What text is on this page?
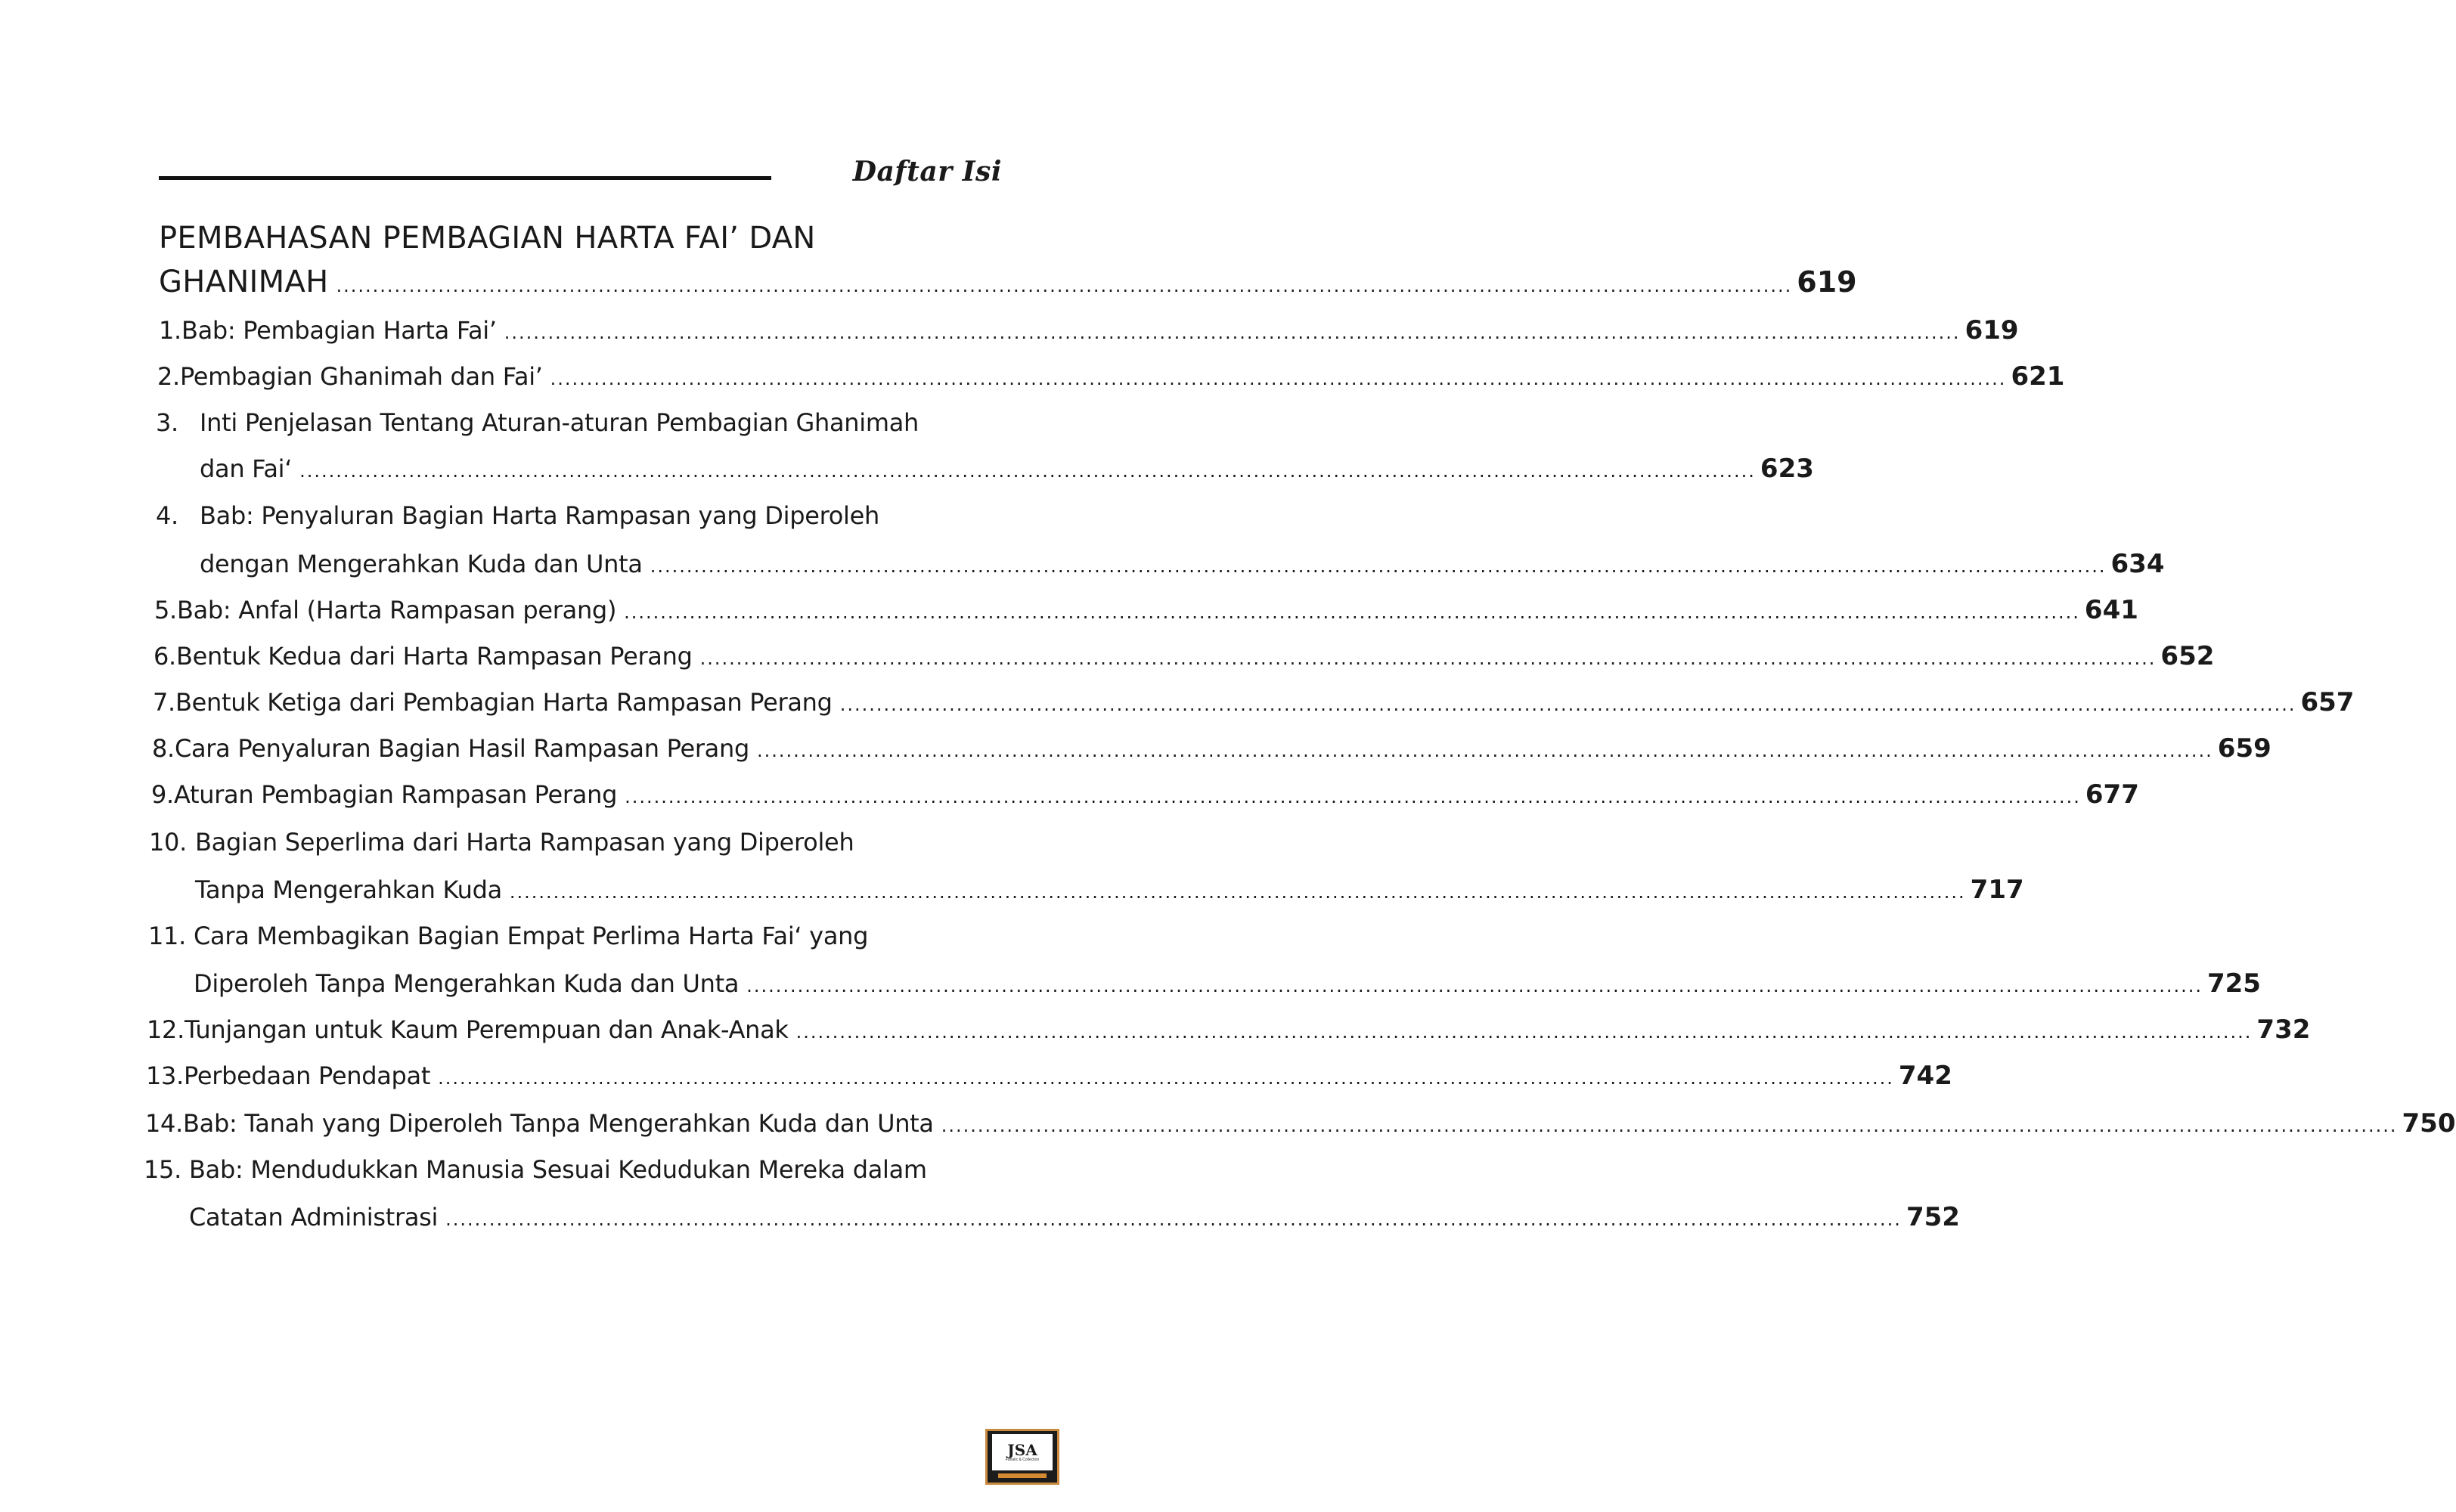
Daftar Isi
PEMBAHASAN PEMBAGIAN HARTA FAI’ DAN
GHANIMAH ........................................................................................................................................................................................................ 619
1. Bab: Pembagian Harta Fai’ ........................................................................................................................................................................................................ 619
2. Pembagian Ghanimah dan Fai’ ........................................................................................................................................................................................................ 621
3. Inti Penjelasan Tentang Aturan-aturan Pembagian Ghanimah
dan Fai‘ ........................................................................................................................................................................................................ 623
4. Bab: Penyaluran Bagian Harta Rampasan yang Diperoleh
dengan Mengerahkan Kuda dan Unta ........................................................................................................................................................................................................ 634
5. Bab: Anfal (Harta Rampasan perang) ........................................................................................................................................................................................................ 641
6. Bentuk Kedua dari Harta Rampasan Perang ........................................................................................................................................................................................................ 652
7. Bentuk Ketiga dari Pembagian Harta Rampasan Perang ........................................................................................................................................................................................................ 657
8. Cara Penyaluran Bagian Hasil Rampasan Perang ........................................................................................................................................................................................................ 659
9. Aturan Pembagian Rampasan Perang ........................................................................................................................................................................................................ 677
10. Bagian Seperlima dari Harta Rampasan yang Diperoleh
Tanpa Mengerahkan Kuda ........................................................................................................................................................................................................ 717
11. Cara Membagikan Bagian Empat Perlima Harta Fai‘ yang
Diperoleh Tanpa Mengerahkan Kuda dan Unta ........................................................................................................................................................................................................ 725
12. Tunjangan untuk Kaum Perempuan dan Anak-Anak ........................................................................................................................................................................................................ 732
13. Perbedaan Pendapat ........................................................................................................................................................................................................ 742
14. Bab: Tanah yang Diperoleh Tanpa Mengerahkan Kuda dan Unta ........................................................................................................................................................................................................ 750
15. Bab: Mendudukkan Manusia Sesuai Kedudukan Mereka dalam
Catatan Administrasi ........................................................................................................................................................................................................ 752
JSA
Fanatic & Collection
